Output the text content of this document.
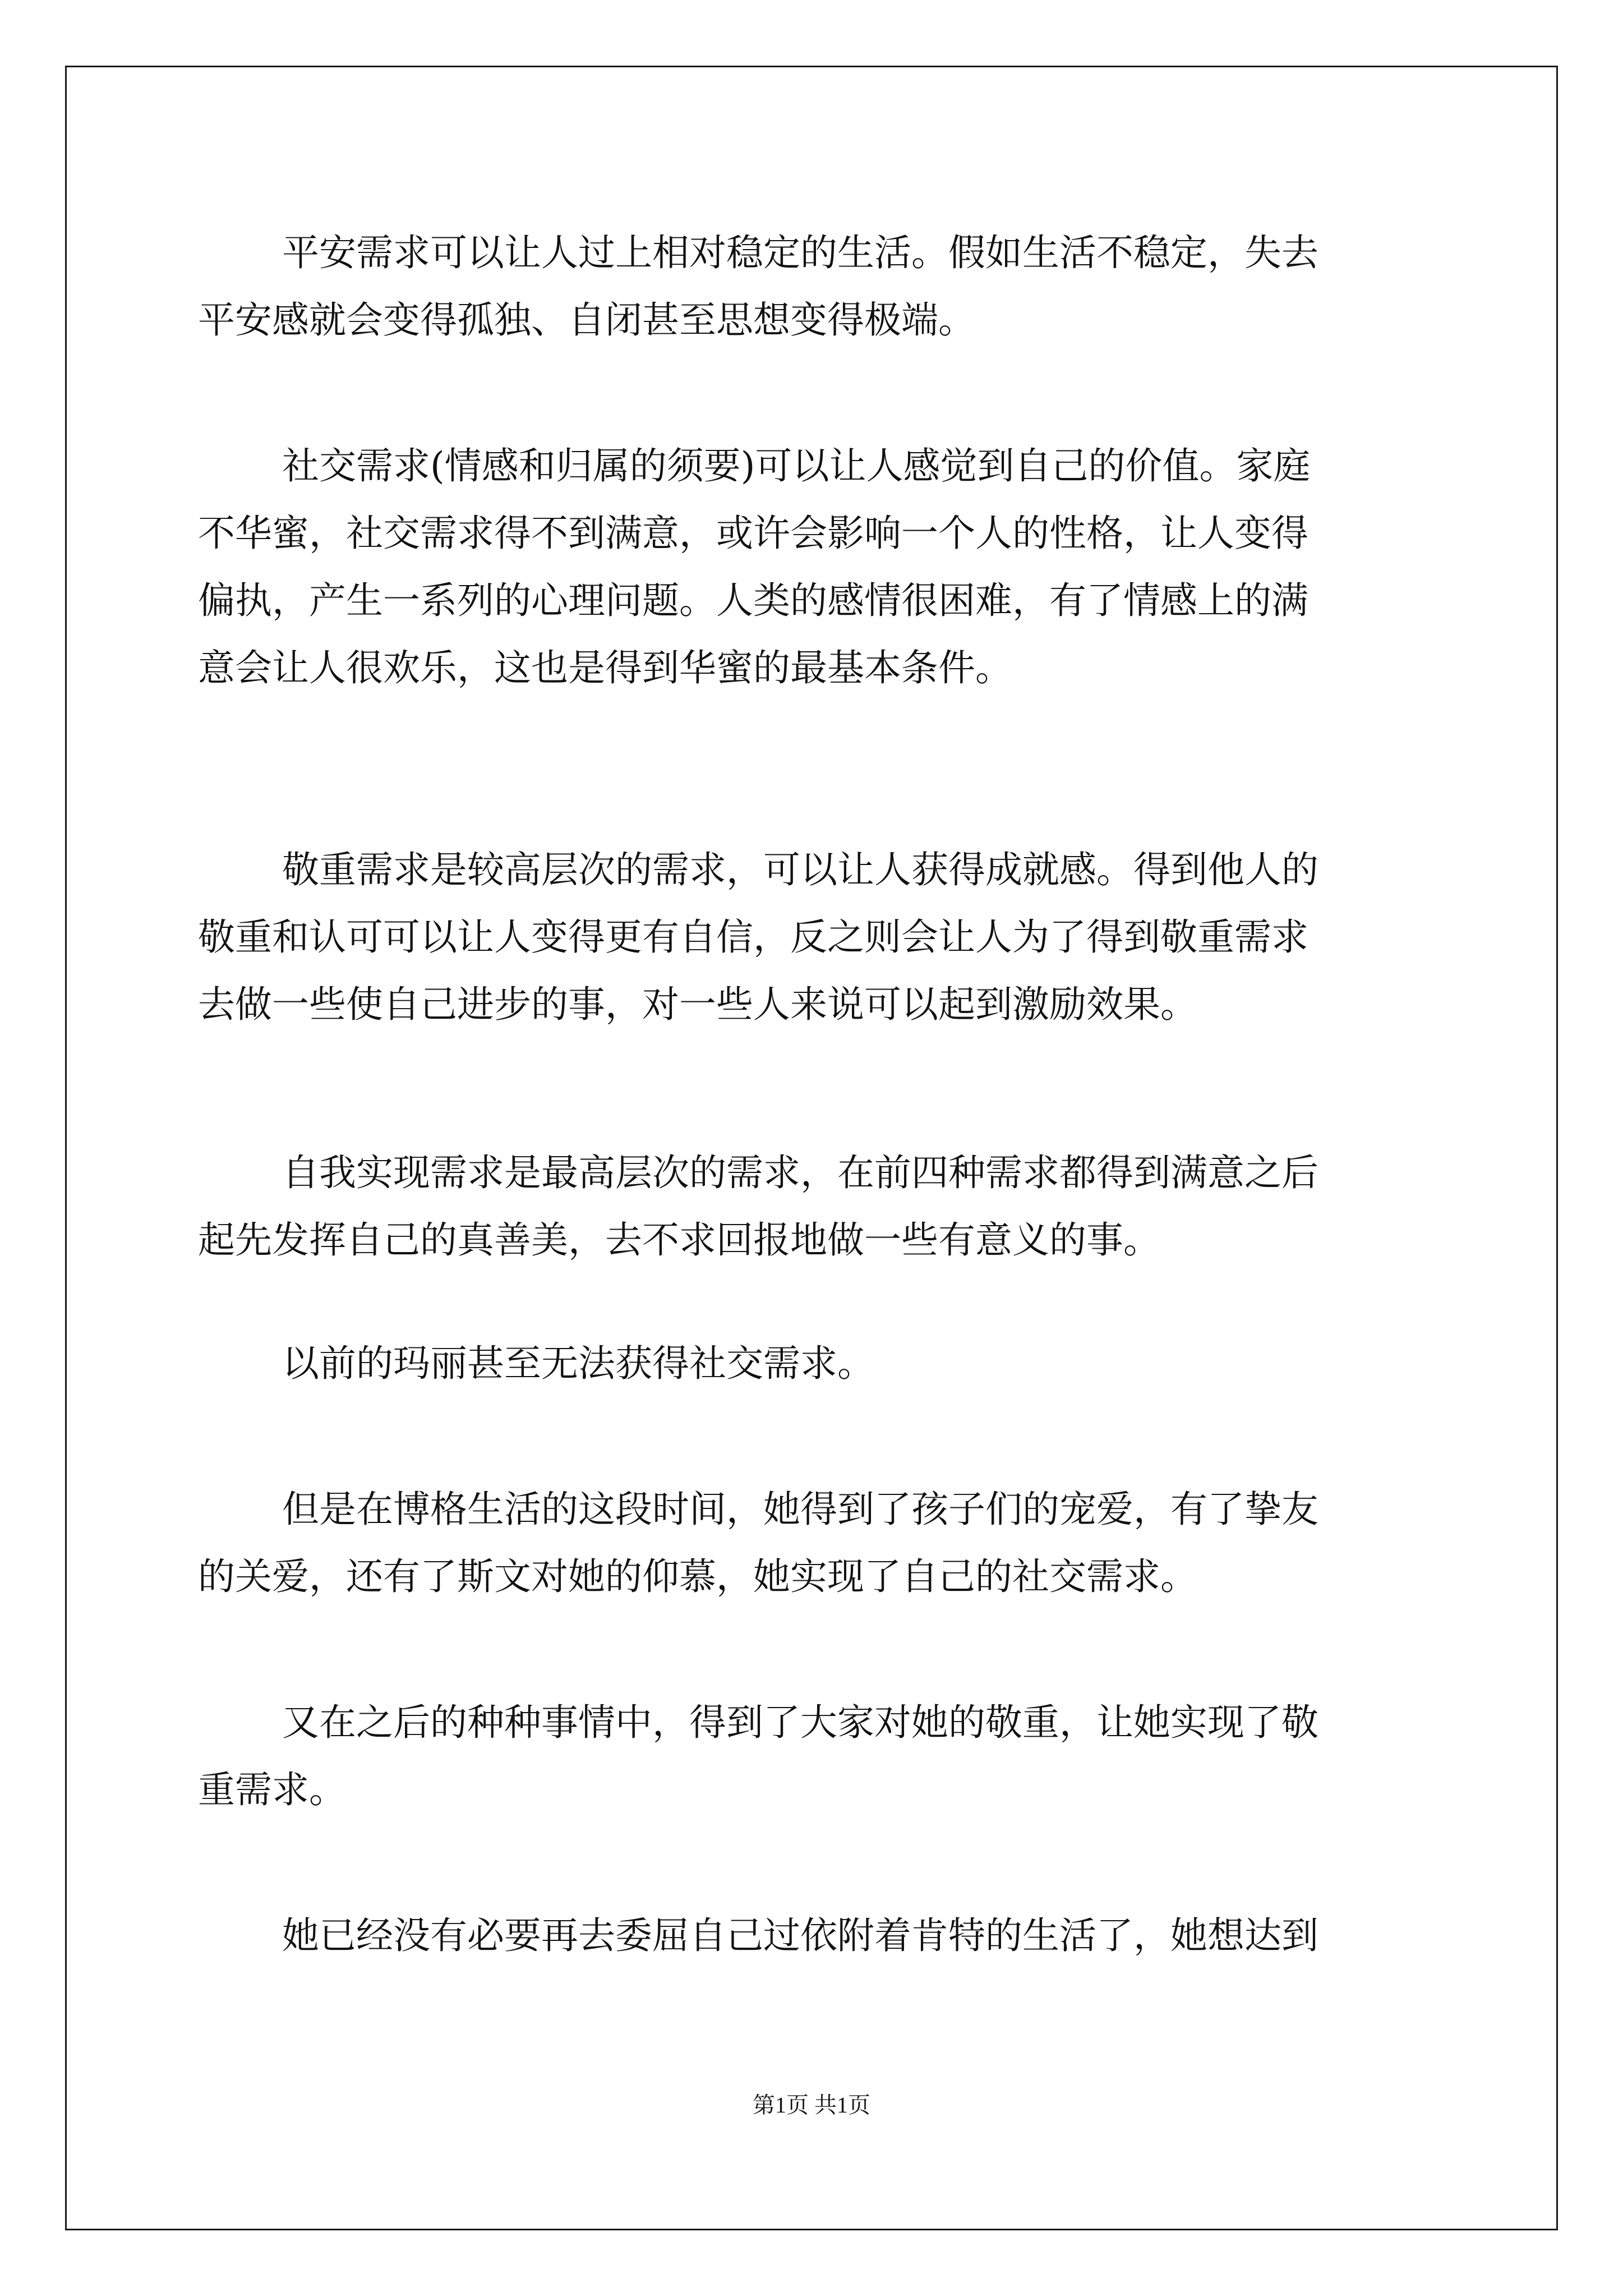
平安需求可以让人过上相对稳定的生活。假如生活不稳定，失去
平安感就会变得孤独、自闭甚至思想变得极端。
社交需求(情感和归属的须要)可以让人感觉到自己的价值。家庭
不华蜜，社交需求得不到满意，或许会影响一个人的性格，让人变得
偏执，产生一系列的心理问题。人类的感情很困难，有了情感上的满
意会让人很欢乐，这也是得到华蜜的最基本条件。
敬重需求是较高层次的需求，可以让人获得成就感。得到他人的
敬重和认可可以让人变得更有自信，反之则会让人为了得到敬重需求
去做一些使自己进步的事，对一些人来说可以起到激励效果。
自我实现需求是最高层次的需求，在前四种需求都得到满意之后
起先发挥自己的真善美，去不求回报地做一些有意义的事。
以前的玛丽甚至无法获得社交需求。
但是在博格生活的这段时间，她得到了孩子们的宠爱，有了挚友
的关爱，还有了斯文对她的仰慕，她实现了自己的社交需求。
又在之后的种种事情中，得到了大家对她的敬重，让她实现了敬
重需求。
她已经没有必要再去委屈自己过依附着肯特的生活了，她想达到
第1页 共1页
